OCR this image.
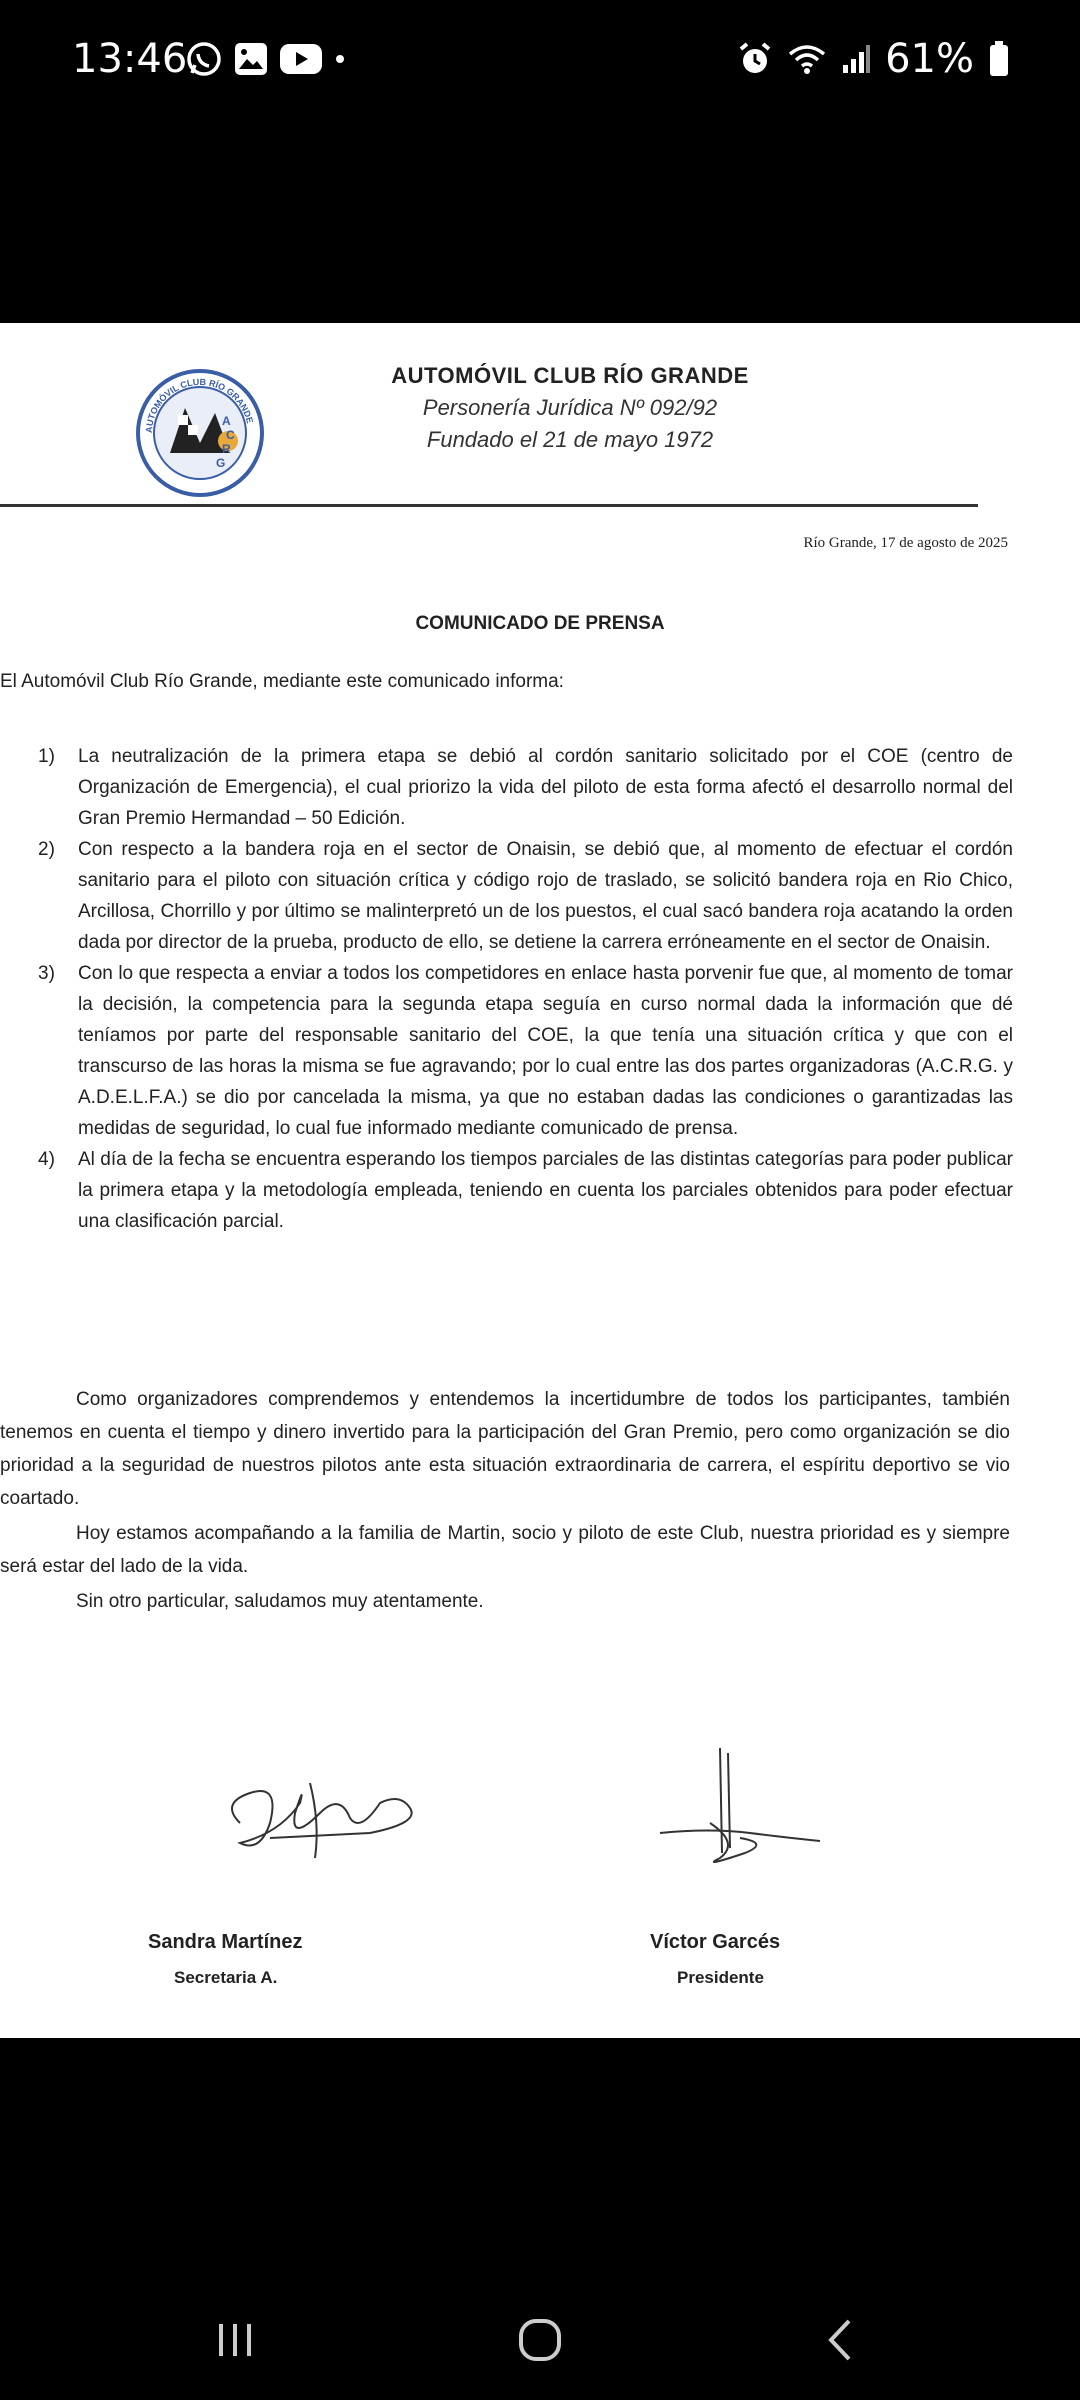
13:46	61%
A
C
R
G
AUTOMÓVIL CLUB RÍO GRANDE
AUTOMÓVIL CLUB RÍO GRANDE
Personería Jurídica Nº 092/92
Fundado el 21 de mayo 1972
Río Grande, 17 de agosto de 2025
COMUNICADO DE PRENSA
El Automóvil Club Río Grande, mediante este comunicado informa:
1)	La neutralización de la primera etapa se debió al cordón sanitario solicitado por el COE (centro de Organización de Emergencia), el cual priorizo la vida del piloto de esta forma afectó el desarrollo normal del Gran Premio Hermandad – 50 Edición.
2)	Con respecto a la bandera roja en el sector de Onaisin, se debió que, al momento de efectuar el cordón sanitario para el piloto con situación crítica y código rojo de traslado, se solicitó bandera roja en Rio Chico, Arcillosa, Chorrillo y por último se malinterpretó un de los puestos, el cual sacó bandera roja acatando la orden dada por director de la prueba, producto de ello, se detiene la carrera erróneamente en el sector de Onaisin.
3)	Con lo que respecta a enviar a todos los competidores en enlace hasta porvenir fue que, al momento de tomar la decisión, la competencia para la segunda etapa seguía en curso normal dada la información que dé teníamos por parte del responsable sanitario del COE, la que tenía una situación crítica y que con el transcurso de las horas la misma se fue agravando; por lo cual entre las dos partes organizadoras (A.C.R.G. y A.D.E.L.F.A.) se dio por cancelada la misma, ya que no estaban dadas las condiciones o garantizadas las medidas de seguridad, lo cual fue informado mediante comunicado de prensa.
4)	Al día de la fecha se encuentra esperando los tiempos parciales de las distintas categorías para poder publicar la primera etapa y la metodología empleada, teniendo en cuenta los parciales obtenidos para poder efectuar una clasificación parcial.

Como organizadores comprendemos y entendemos la incertidumbre de todos los participantes, también tenemos en cuenta el tiempo y dinero invertido para la participación del Gran Premio, pero como organización se dio prioridad a la seguridad de nuestros pilotos ante esta situación extraordinaria de carrera, el espíritu deportivo se vio coartado.

Hoy estamos acompañando a la familia de Martin, socio y piloto de este Club, nuestra prioridad es y siempre será estar del lado de la vida.

Sin otro particular, saludamos muy atentamente.

Sandra Martínez
Secretaria A.
Víctor Garcés
Presidente
